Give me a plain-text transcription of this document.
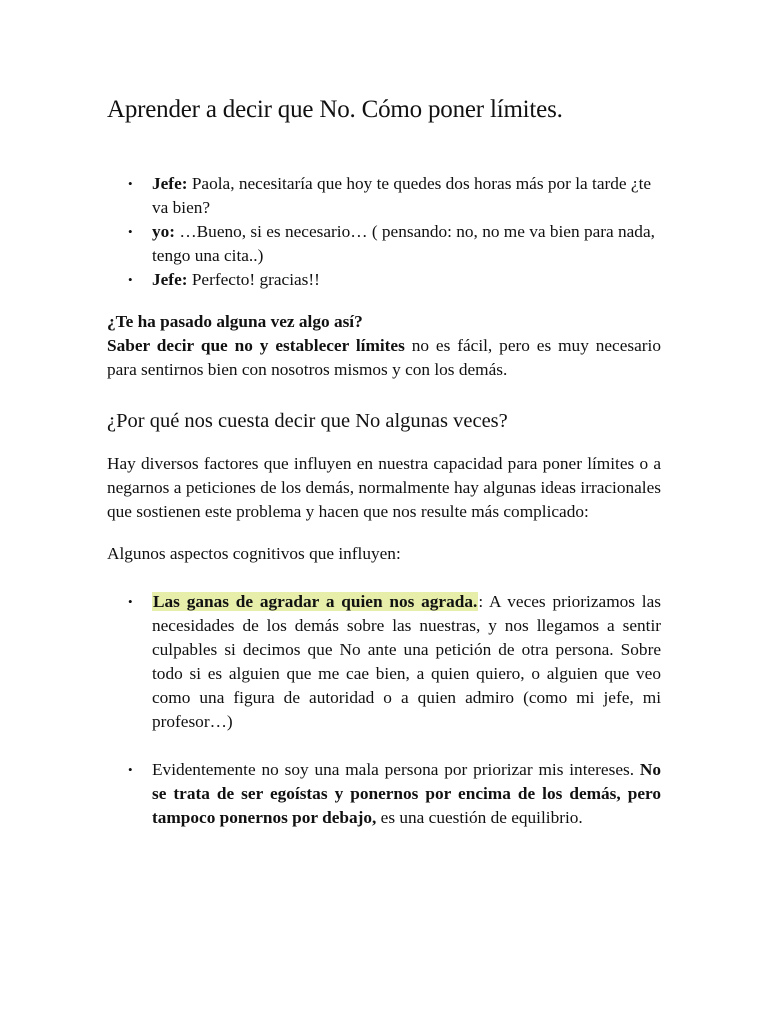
Aprender a decir que No. Cómo poner límites.
• Jefe: Paola, necesitaría que hoy te quedes dos horas más por la tarde ¿te va bien?
• yo: …Bueno, si es necesario… ( pensando: no, no me va bien para nada, tengo una cita..)
• Jefe: Perfecto! gracias!!

¿Te ha pasado alguna vez algo así?

Saber decir que no y establecer límites no es fácil, pero es muy necesario para sentirnos bien con nosotros mismos y con los demás.

¿Por qué nos cuesta decir que No algunas veces?

Hay diversos factores que influyen en nuestra capacidad para poner límites o a negarnos a peticiones de los demás, normalmente hay algunas ideas irracionales que sostienen este problema y hacen que nos resulte más complicado:

Algunos aspectos cognitivos que influyen:

• Las ganas de agradar a quien nos agrada.: A veces priorizamos las necesidades de los demás sobre las nuestras, y nos llegamos a sentir culpables si decimos que No ante una petición de otra persona. Sobre todo si es alguien que me cae bien, a quien quiero, o alguien que veo como una figura de autoridad o a quien admiro (como mi jefe, mi profesor…)
• Evidentemente no soy una mala persona por priorizar mis intereses. No se trata de ser egoístas y ponernos por encima de los demás, pero tampoco ponernos por debajo, es una cuestión de equilibrio.
